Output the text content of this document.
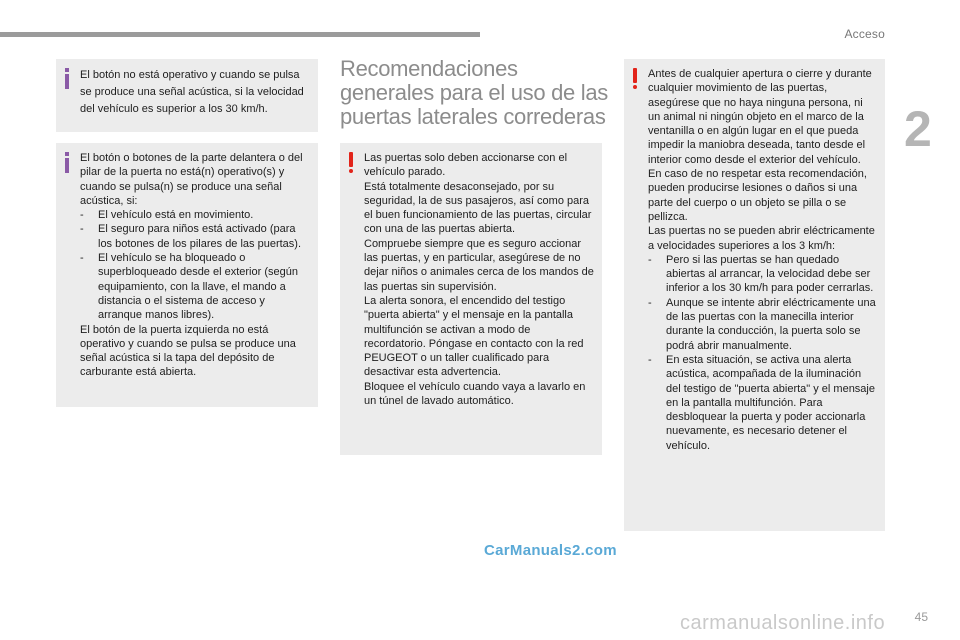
Acceso
2

El botón no está operativo y cuando se pulsa se produce una señal acústica, si la velocidad del vehículo es superior a los 30 km/h.

El botón o botones de la parte delantera o del pilar de la puerta no está(n) operativo(s) y cuando se pulsa(n) se produce una señal acústica, si:

- El vehículo está en movimiento.

- El seguro para niños está activado (para los botones de los pilares de las puertas).

- El vehículo se ha bloqueado o superbloqueado desde el exterior (según equipamiento, con la llave, el mando a distancia o el sistema de acceso y arranque manos libres).

El botón de la puerta izquierda no está operativo y cuando se pulsa se produce una señal acústica si la tapa del depósito de carburante está abierta.

Recomendaciones generales para el uso de las puertas laterales correderas

Las puertas solo deben accionarse con el vehículo parado.

Está totalmente desaconsejado, por su seguridad, la de sus pasajeros, así como para el buen funcionamiento de las puertas, circular con una de las puertas abierta.

Compruebe siempre que es seguro accionar las puertas, y en particular, asegúrese de no dejar niños o animales cerca de los mandos de las puertas sin supervisión.

La alerta sonora, el encendido del testigo "puerta abierta" y el mensaje en la pantalla multifunción se activan a modo de recordatorio. Póngase en contacto con la red PEUGEOT o un taller cualificado para desactivar esta advertencia.

Bloquee el vehículo cuando vaya a lavarlo en un túnel de lavado automático.

Antes de cualquier apertura o cierre y durante cualquier movimiento de las puertas, asegúrese que no haya ninguna persona, ni un animal ni ningún objeto en el marco de la ventanilla o en algún lugar en el que pueda impedir la maniobra deseada, tanto desde el interior como desde el exterior del vehículo.

En caso de no respetar esta recomendación, pueden producirse lesiones o daños si una parte del cuerpo o un objeto se pilla o se pellizca.

Las puertas no se pueden abrir eléctricamente a velocidades superiores a los 3 km/h:

- Pero si las puertas se han quedado abiertas al arrancar, la velocidad debe ser inferior a los 30 km/h para poder cerrarlas.

- Aunque se intente abrir eléctricamente una de las puertas con la manecilla interior durante la conducción, la puerta solo se podrá abrir manualmente.

- En esta situación, se activa una alerta acústica, acompañada de la iluminación del testigo de "puerta abierta" y el mensaje en la pantalla multifunción. Para desbloquear la puerta y poder accionarla nuevamente, es necesario detener el vehículo.

CarManuals2.com
45
carmanualsonline.info
